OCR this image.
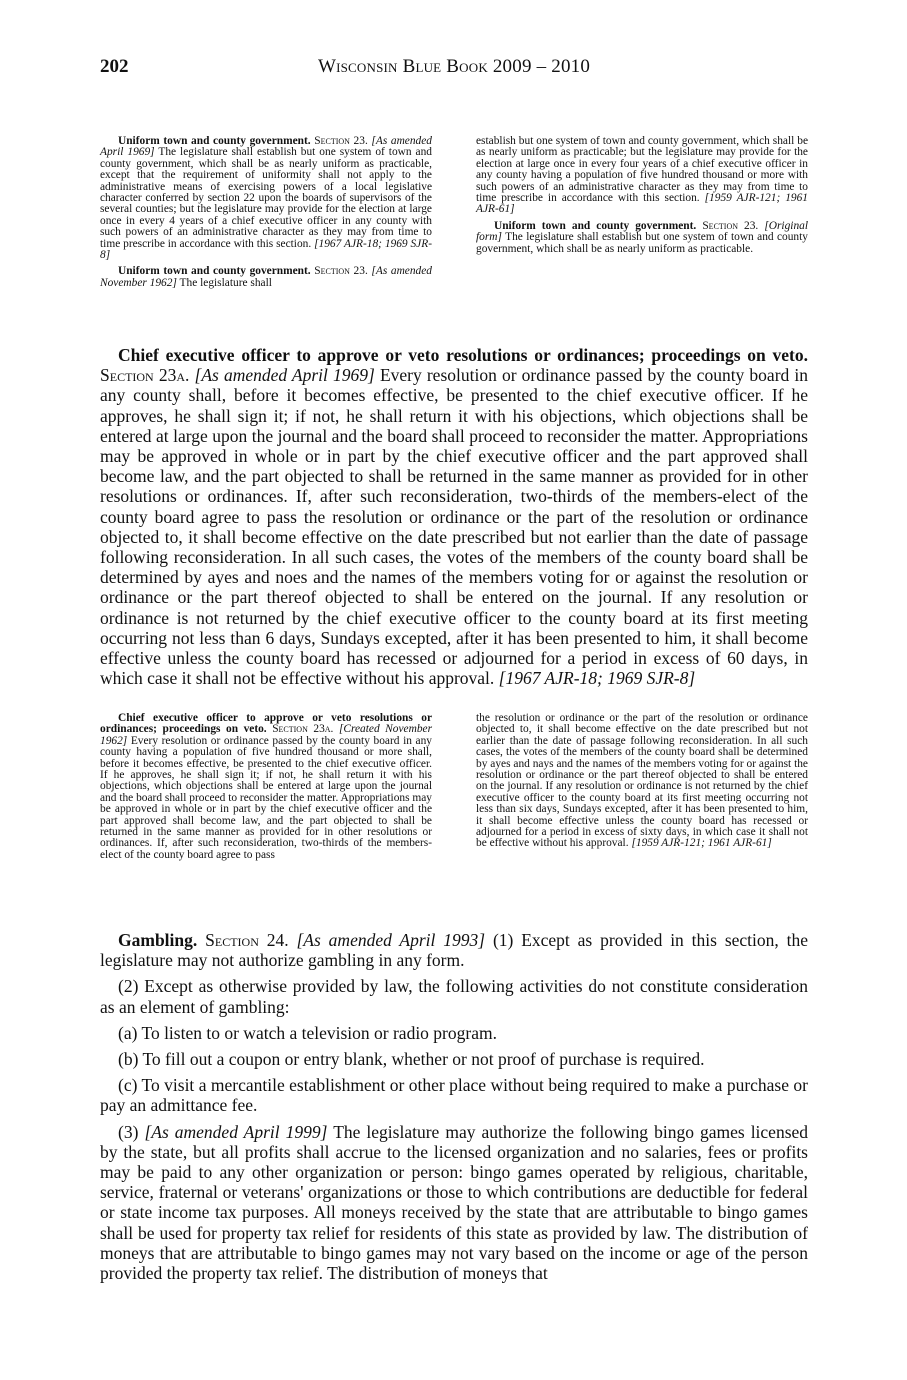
202	Wisconsin Blue Book 2009 – 2010

Uniform town and county government. Section 23. [As amended April 1969] The legislature shall establish but one system of town and county government, which shall be as nearly uniform as practicable, except that the requirement of uniformity shall not apply to the administrative means of exercising powers of a local legislative character conferred by section 22 upon the boards of supervisors of the several counties; but the legislature may provide for the election at large once in every 4 years of a chief executive officer in any county with such powers of an administrative character as they may from time to time prescribe in accordance with this section. [1967 AJR-18; 1969 SJR-8]

Uniform town and county government. Section 23. [As amended November 1962] The legislature shall

establish but one system of town and county government, which shall be as nearly uniform as practicable; but the legislature may provide for the election at large once in every four years of a chief executive officer in any county having a population of five hundred thousand or more with such powers of an administrative character as they may from time to time prescribe in accordance with this section. [1959 AJR-121; 1961 AJR-61]

Uniform town and county government. Section 23. [Original form] The legislature shall establish but one system of town and county government, which shall be as nearly uniform as practicable.

Chief executive officer to approve or veto resolutions or ordinances; proceedings on veto. Section 23a. [As amended April 1969] Every resolution or ordinance passed by the county board in any county shall, before it becomes effective, be presented to the chief executive officer. If he approves, he shall sign it; if not, he shall return it with his objections, which objections shall be entered at large upon the journal and the board shall proceed to reconsider the matter. Appropriations may be approved in whole or in part by the chief executive officer and the part approved shall become law, and the part objected to shall be returned in the same manner as provided for in other resolutions or ordinances. If, after such reconsideration, two-thirds of the members-elect of the county board agree to pass the resolution or ordinance or the part of the resolution or ordinance objected to, it shall become effective on the date prescribed but not earlier than the date of passage following reconsideration. In all such cases, the votes of the members of the county board shall be determined by ayes and noes and the names of the members voting for or against the resolution or ordinance or the part thereof objected to shall be entered on the journal. If any resolution or ordinance is not returned by the chief executive officer to the county board at its first meeting occurring not less than 6 days, Sundays excepted, after it has been presented to him, it shall become effective unless the county board has recessed or adjourned for a period in excess of 60 days, in which case it shall not be effective without his approval. [1967 AJR-18; 1969 SJR-8]

Chief executive officer to approve or veto resolutions or ordinances; proceedings on veto. Section 23a. [Created November 1962] Every resolution or ordinance passed by the county board in any county having a population of five hundred thousand or more shall, before it becomes effective, be presented to the chief executive officer. If he approves, he shall sign it; if not, he shall return it with his objections, which objections shall be entered at large upon the journal and the board shall proceed to reconsider the matter. Appropriations may be approved in whole or in part by the chief executive officer and the part approved shall become law, and the part objected to shall be returned in the same manner as provided for in other resolutions or ordinances. If, after such reconsideration, two-thirds of the members-elect of the county board agree to pass

the resolution or ordinance or the part of the resolution or ordinance objected to, it shall become effective on the date prescribed but not earlier than the date of passage following reconsideration. In all such cases, the votes of the members of the county board shall be determined by ayes and nays and the names of the members voting for or against the resolution or ordinance or the part thereof objected to shall be entered on the journal. If any resolution or ordinance is not returned by the chief executive officer to the county board at its first meeting occurring not less than six days, Sundays excepted, after it has been presented to him, it shall become effective unless the county board has recessed or adjourned for a period in excess of sixty days, in which case it shall not be effective without his approval. [1959 AJR-121; 1961 AJR-61]

Gambling. Section 24. [As amended April 1993] (1) Except as provided in this section, the legislature may not authorize gambling in any form.

(2) Except as otherwise provided by law, the following activities do not constitute consideration as an element of gambling:

(a) To listen to or watch a television or radio program.

(b) To fill out a coupon or entry blank, whether or not proof of purchase is required.

(c) To visit a mercantile establishment or other place without being required to make a purchase or pay an admittance fee.

(3) [As amended April 1999] The legislature may authorize the following bingo games licensed by the state, but all profits shall accrue to the licensed organization and no salaries, fees or profits may be paid to any other organization or person: bingo games operated by religious, charitable, service, fraternal or veterans' organizations or those to which contributions are deductible for federal or state income tax purposes. All moneys received by the state that are attributable to bingo games shall be used for property tax relief for residents of this state as provided by law. The distribution of moneys that are attributable to bingo games may not vary based on the income or age of the person provided the property tax relief. The distribution of moneys that
